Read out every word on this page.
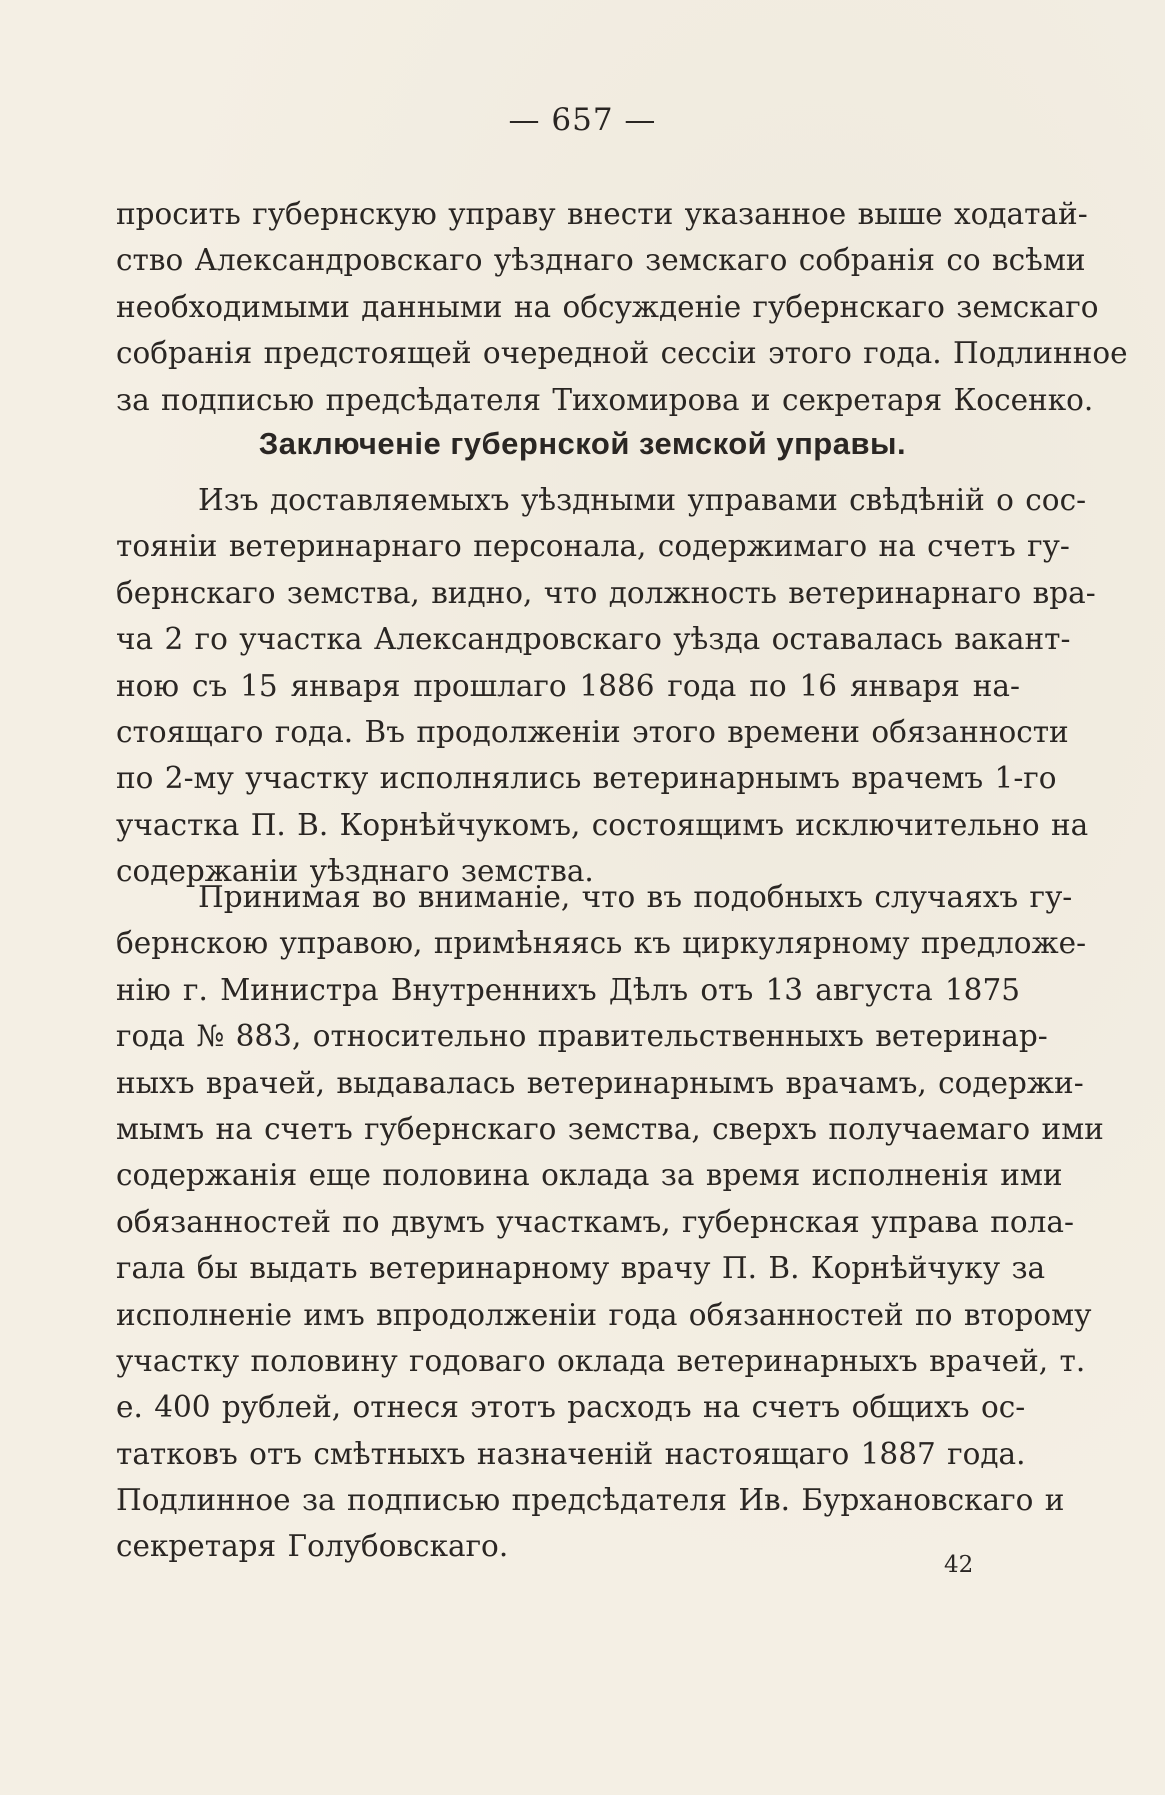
— 657 —
просить губернскую управу внести указанное выше ходатай-
ство Александровскаго уѣзднаго земскаго собранія со всѣми
необходимыми данными на обсужденіе губернскаго земскаго
собранія предстоящей очередной сессіи этого года. Подлинное
за подписью предсѣдателя Тихомирова и секретаря Косенко.
Заключеніе губернской земской управы.
Изъ доставляемыхъ уѣздными управами свѣдѣній о сос-
тояніи ветеринарнаго персонала, содержимаго на счетъ гу-
бернскаго земства, видно, что должность ветеринарнаго вра-
ча 2 го участка Александровскаго уѣзда оставалась вакант-
ною съ 15 января прошлаго 1886 года по 16 января на-
стоящаго года. Въ продолженіи этого времени обязанности
по 2-му участку исполнялись ветеринарнымъ врачемъ 1-го
участка П. В. Корнѣйчукомъ, состоящимъ исключительно на
содержаніи уѣзднаго земства.
Принимая во вниманіе, что въ подобныхъ случаяхъ гу-
бернскою управою, примѣняясь къ циркулярному предложе-
нію г. Министра Внутреннихъ Дѣлъ отъ 13 августа 1875
года № 883, относительно правительственныхъ ветеринар-
ныхъ врачей, выдавалась ветеринарнымъ врачамъ, содержи-
мымъ на счетъ губернскаго земства, сверхъ получаемаго ими
содержанія еще половина оклада за время исполненія ими
обязанностей по двумъ участкамъ, губернская управа пола-
гала бы выдать ветеринарному врачу П. В. Корнѣйчуку за
исполненіе имъ впродолженіи года обязанностей по второму
участку половину годоваго оклада ветеринарныхъ врачей, т.
е. 400 рублей, отнеся этотъ расходъ на счетъ общихъ ос-
татковъ отъ смѣтныхъ назначеній настоящаго 1887 года.
Подлинное за подписью предсѣдателя Ив. Бурхановскаго и
секретаря Голубовскаго.
42
